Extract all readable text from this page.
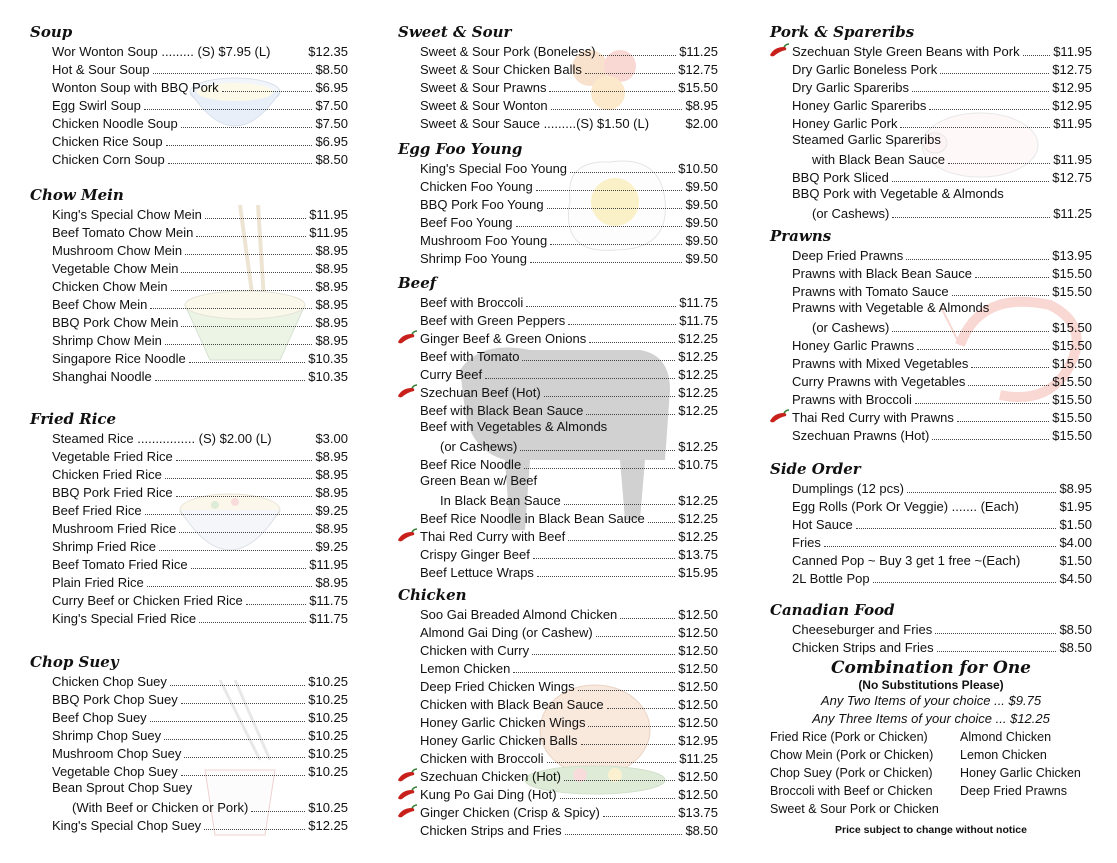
Soup
Wor Wonton Soup ......... (S) $7.95 (L)	$12.35
Hot & Sour Soup	$8.50
Wonton Soup with BBQ Pork	$6.95
Egg Swirl Soup	$7.50
Chicken Noodle Soup	$7.50
Chicken Rice Soup	$6.95
Chicken Corn Soup	$8.50
Chow Mein
King's Special Chow Mein	$11.95
Beef Tomato Chow Mein	$11.95
Mushroom Chow Mein	$8.95
Vegetable Chow Mein	$8.95
Chicken Chow Mein	$8.95
Beef Chow Mein	$8.95
BBQ Pork Chow Mein	$8.95
Shrimp Chow Mein	$8.95
Singapore Rice Noodle	$10.35
Shanghai Noodle	$10.35
Fried Rice
Steamed Rice ................ (S) $2.00 (L)	$3.00
Vegetable Fried Rice	$8.95
Chicken Fried Rice	$8.95
BBQ Pork Fried Rice	$8.95
Beef Fried Rice	$9.25
Mushroom Fried Rice	$8.95
Shrimp Fried Rice	$9.25
Beef Tomato Fried Rice	$11.95
Plain Fried Rice	$8.95
Curry Beef or Chicken Fried Rice	$11.75
King's Special Fried Rice	$11.75
Chop Suey
Chicken Chop Suey	$10.25
BBQ Pork Chop Suey	$10.25
Beef Chop Suey	$10.25
Shrimp Chop Suey	$10.25
Mushroom Chop Suey	$10.25
Vegetable Chop Suey	$10.25
Bean Sprout Chop Suey
(With Beef or Chicken or Pork)	$10.25
King's Special Chop Suey	$12.25
Sweet & Sour
Sweet & Sour Pork (Boneless)	$11.25
Sweet & Sour Chicken Balls	$12.75
Sweet & Sour Prawns	$15.50
Sweet & Sour Wonton	$8.95
Sweet & Sour Sauce .........(S) $1.50 (L)	$2.00
Egg Foo Young
King's Special Foo Young	$10.50
Chicken Foo Young	$9.50
BBQ Pork Foo Young	$9.50
Beef Foo Young	$9.50
Mushroom Foo Young	$9.50
Shrimp Foo Young	$9.50
Beef
Beef with Broccoli	$11.75
Beef with Green Peppers	$11.75
Ginger Beef & Green Onions	$12.25
Beef with Tomato	$12.25
Curry Beef	$12.25
Szechuan Beef (Hot)	$12.25
Beef with Black Bean Sauce	$12.25
Beef with Vegetables & Almonds
(or Cashews)	$12.25
Beef Rice Noodle	$10.75
Green Bean w/ Beef
In Black Bean Sauce	$12.25
Beef Rice Noodle in Black Bean Sauce	$12.25
Thai Red Curry with Beef	$12.25
Crispy Ginger Beef	$13.75
Beef Lettuce Wraps	$15.95
Chicken
Soo Gai Breaded Almond Chicken	$12.50
Almond Gai Ding (or Cashew)	$12.50
Chicken with Curry	$12.50
Lemon Chicken	$12.50
Deep Fried Chicken Wings	$12.50
Chicken with Black Bean Sauce	$12.50
Honey Garlic Chicken Wings	$12.50
Honey Garlic Chicken Balls	$12.95
Chicken with Broccoli	$11.25
Szechuan Chicken (Hot)	$12.50
Kung Po Gai Ding (Hot)	$12.50
Ginger Chicken (Crisp & Spicy)	$13.75
Chicken Strips and Fries	$8.50
Pork & Spareribs
Szechuan Style Green Beans with Pork	$11.95
Dry Garlic Boneless Pork	$12.75
Dry Garlic Spareribs	$12.95
Honey Garlic Spareribs	$12.95
Honey Garlic Pork	$11.95
Steamed Garlic Spareribs
with Black Bean Sauce	$11.95
BBQ Pork Sliced	$12.75
BBQ Pork with Vegetable & Almonds
(or Cashews)	$11.25
Prawns
Deep Fried Prawns	$13.95
Prawns with Black Bean Sauce	$15.50
Prawns with Tomato Sauce	$15.50
Prawns with Vegetable & Almonds
(or Cashews)	$15.50
Honey Garlic Prawns	$15.50
Prawns with Mixed Vegetables	$15.50
Curry Prawns with Vegetables	$15.50
Prawns with Broccoli	$15.50
Thai Red Curry with Prawns	$15.50
Szechuan Prawns (Hot)	$15.50
Side Order
Dumplings (12 pcs)	$8.95
Egg Rolls (Pork Or Veggie) ....... (Each)	$1.95
Hot Sauce	$1.50
Fries	$4.00
Canned Pop ~ Buy 3 get 1 free ~(Each)	$1.50
2L Bottle Pop	$4.50
Canadian Food
Cheeseburger and Fries	$8.50
Chicken Strips and Fries	$8.50
Combination for One
(No Substitutions Please)
Any Two Items of your choice ... $9.75
Any Three Items of your choice ... $12.25
Fried Rice (Pork or Chicken)	Almond Chicken
Chow Mein (Pork or Chicken)	Lemon Chicken
Chop Suey (Pork or Chicken)	Honey Garlic Chicken
Broccoli with Beef or Chicken	Deep Fried Prawns
Sweet & Sour Pork or Chicken
Price subject to change without notice
